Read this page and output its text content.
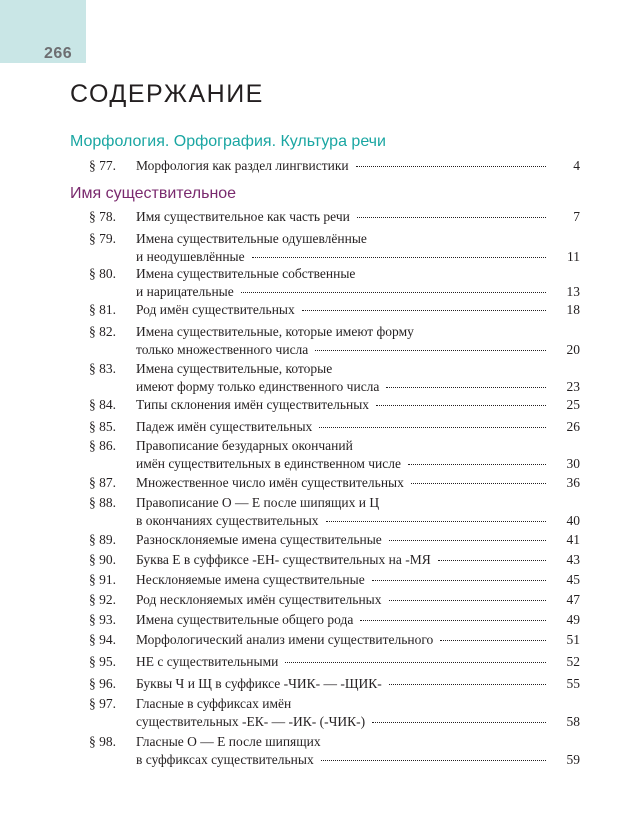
266
СОДЕРЖАНИЕ
Морфология. Орфография. Культура речи
Имя существительное
§ 77.	Морфология как раздел лингвистики	4
§ 78.	Имя существительное как часть речи	7
§ 79.	Имена существительные одушевлённые
и неодушевлённые	11
§ 80.	Имена существительные собственные
и нарицательные	13
§ 81.	Род имён существительных	18
§ 82.	Имена существительные, которые имеют форму
только множественного числа	20
§ 83.	Имена существительные, которые
имеют форму только единственного числа	23
§ 84.	Типы склонения имён существительных	25
§ 85.	Падеж имён существительных	26
§ 86.	Правописание безударных окончаний
имён существительных в единственном числе	30
§ 87.	Множественное число имён существительных	36
§ 88.	Правописание О — Е после шипящих и Ц
в окончаниях существительных	40
§ 89.	Разносклоняемые имена существительные	41
§ 90.	Буква Е в суффиксе -ЕН- существительных на -МЯ	43
§ 91.	Несклоняемые имена существительные	45
§ 92.	Род несклоняемых имён существительных	47
§ 93.	Имена существительные общего рода	49
§ 94.	Морфологический анализ имени существительного	51
§ 95.	НЕ с существительными	52
§ 96.	Буквы Ч и Щ в суффиксе -ЧИК- — -ЩИК-	55
§ 97.	Гласные в суффиксах имён
существительных -ЕК- — -ИК- (-ЧИК-)	58
§ 98.	Гласные О — Е после шипящих
в суффиксах существительных	59
